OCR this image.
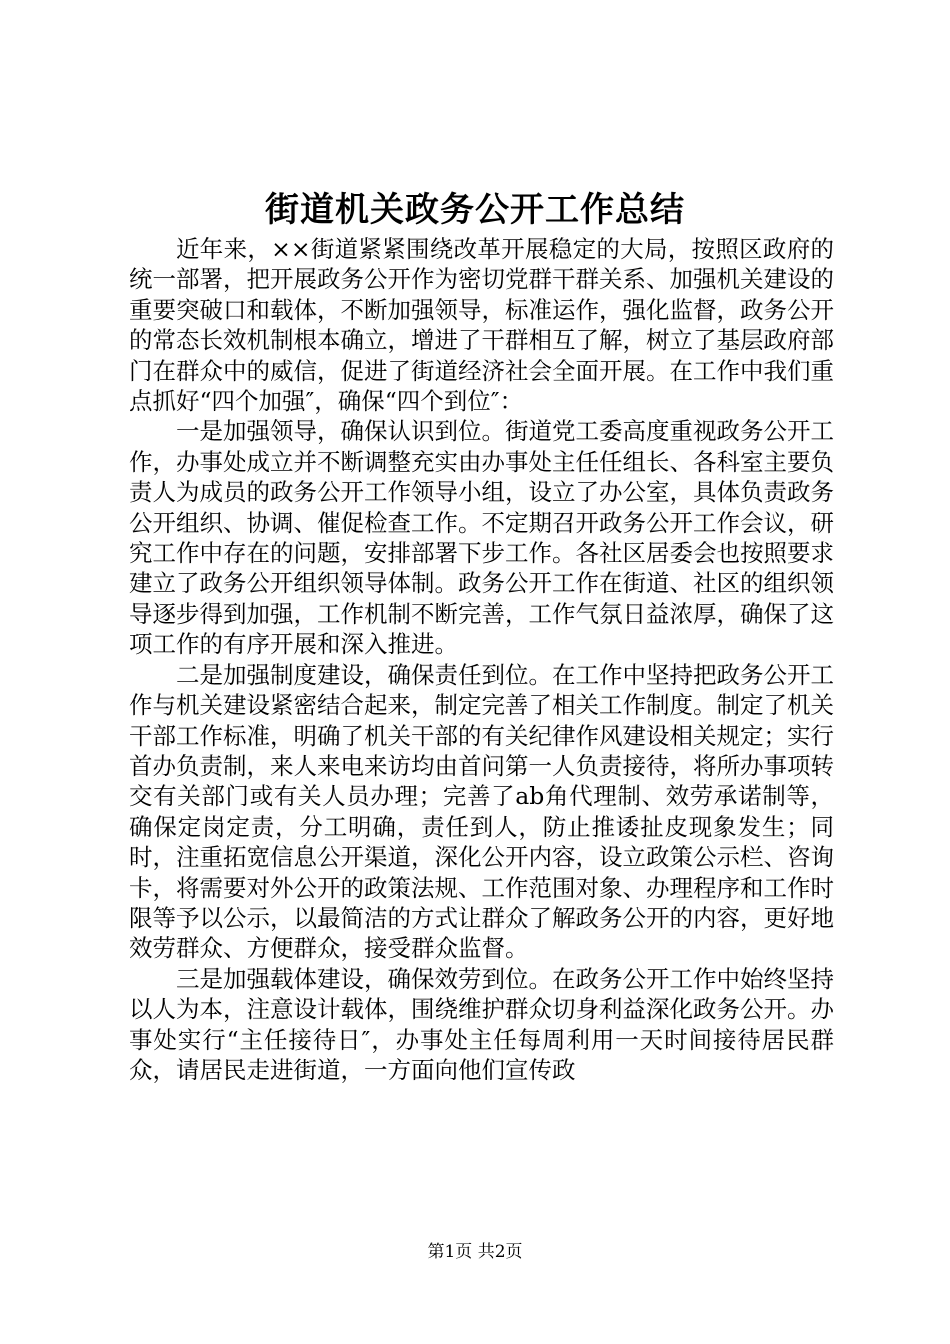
街道机关政务公开工作总结

近年来，××街道紧紧围绕改革开展稳定的大局，按照区政府的统一部署，把开展政务公开作为密切党群干群关系、加强机关建设的重要突破口和载体，不断加强领导，标准运作，强化监督，政务公开的常态长效机制根本确立，增进了干群相互了解，树立了基层政府部门在群众中的威信，促进了街道经济社会全面开展。在工作中我们重点抓好“四个加强″，确保“四个到位″：

一是加强领导，确保认识到位。街道党工委高度重视政务公开工作，办事处成立并不断调整充实由办事处主任任组长、各科室主要负责人为成员的政务公开工作领导小组，设立了办公室，具体负责政务公开组织、协调、催促检查工作。不定期召开政务公开工作会议，研究工作中存在的问题，安排部署下步工作。各社区居委会也按照要求建立了政务公开组织领导体制。政务公开工作在街道、社区的组织领导逐步得到加强，工作机制不断完善，工作气氛日益浓厚，确保了这项工作的有序开展和深入推进。

二是加强制度建设，确保责任到位。在工作中坚持把政务公开工作与机关建设紧密结合起来，制定完善了相关工作制度。制定了机关干部工作标准，明确了机关干部的有关纪律作风建设相关规定；实行首办负责制，来人来电来访均由首问第一人负责接待，将所办事项转交有关部门或有关人员办理；完善了ab角代理制、效劳承诺制等，确保定岗定责，分工明确，责任到人，防止推诿扯皮现象发生；同时，注重拓宽信息公开渠道，深化公开内容，设立政策公示栏、咨询卡，将需要对外公开的政策法规、工作范围对象、办理程序和工作时限等予以公示，以最简洁的方式让群众了解政务公开的内容，更好地效劳群众、方便群众，接受群众监督。

三是加强载体建设，确保效劳到位。在政务公开工作中始终坚持以人为本，注意设计载体，围绕维护群众切身利益深化政务公开。办事处实行“主任接待日″，办事处主任每周利用一天时间接待居民群众，请居民走进街道，一方面向他们宣传政

第1页 共2页
